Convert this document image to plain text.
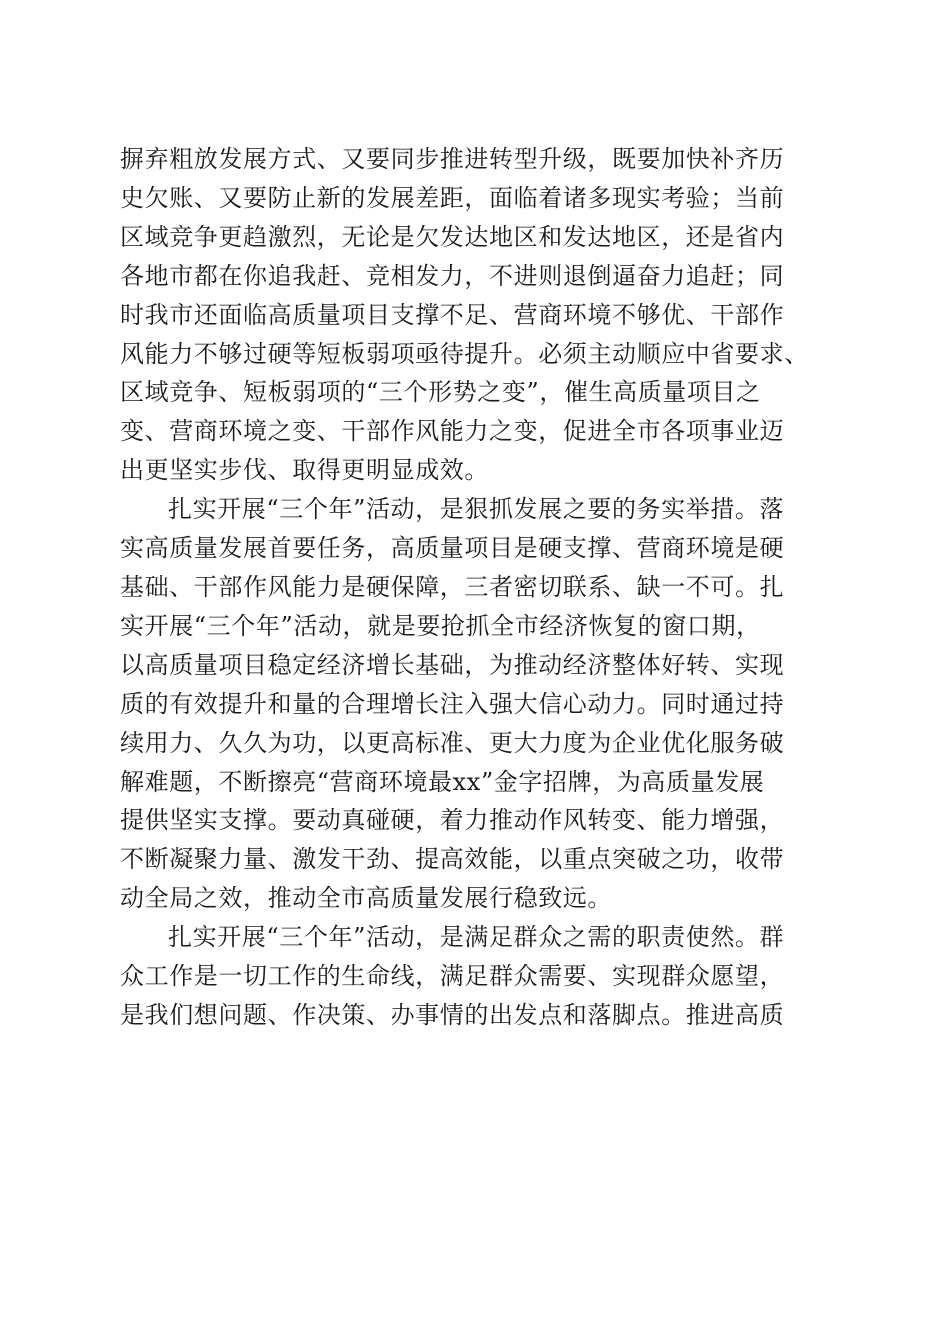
摒弃粗放发展方式、又要同步推进转型升级，既要加快补齐历
史欠账、又要防止新的发展差距，面临着诸多现实考验；当前
区域竞争更趋激烈，无论是欠发达地区和发达地区，还是省内
各地市都在你追我赶、竞相发力，不进则退倒逼奋力追赶；同
时我市还面临高质量项目支撑不足、营商环境不够优、干部作
风能力不够过硬等短板弱项亟待提升。必须主动顺应中省要求、
区域竞争、短板弱项的“三个形势之变”，催生高质量项目之
变、营商环境之变、干部作风能力之变，促进全市各项事业迈
出更坚实步伐、取得更明显成效。

扎实开展“三个年”活动，是狠抓发展之要的务实举措。落
实高质量发展首要任务，高质量项目是硬支撑、营商环境是硬
基础、干部作风能力是硬保障，三者密切联系、缺一不可。扎
实开展“三个年”活动，就是要抢抓全市经济恢复的窗口期，
以高质量项目稳定经济增长基础，为推动经济整体好转、实现
质的有效提升和量的合理增长注入强大信心动力。同时通过持
续用力、久久为功，以更高标准、更大力度为企业优化服务破
解难题，不断擦亮“营商环境最xx”金字招牌，为高质量发展
提供坚实支撑。要动真碰硬，着力推动作风转变、能力增强，
不断凝聚力量、激发干劲、提高效能，以重点突破之功，收带
动全局之效，推动全市高质量发展行稳致远。

扎实开展“三个年”活动，是满足群众之需的职责使然。群
众工作是一切工作的生命线，满足群众需要、实现群众愿望，
是我们想问题、作决策、办事情的出发点和落脚点。推进高质
